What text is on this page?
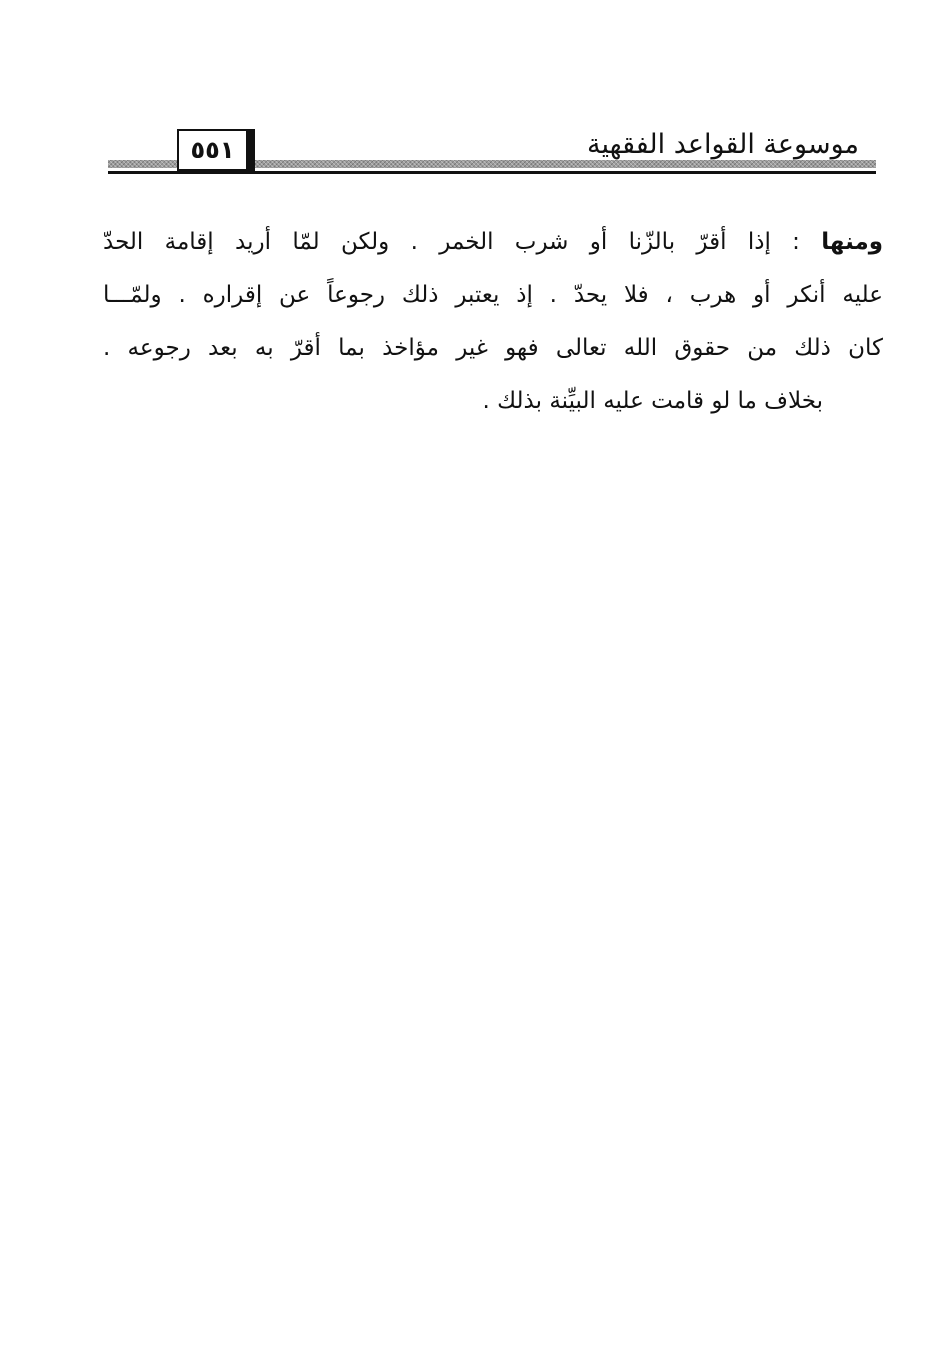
موسوعة القواعد الفقهية
٥٥١
ومنها : إذا أقرّ بالزّنا أو شرب الخمر . ولكن لمّا أريد إقامة الحدّ
عليه أنكر أو هرب ، فلا يحدّ . إذ يعتبر ذلك رجوعاً عن إقراره . ولمّـــا
كان ذلك من حقوق الله تعالى فهو غير مؤاخذ بما أقرّ به بعد رجوعه .
بخلاف ما لو قامت عليه البيِّنة بذلك .
